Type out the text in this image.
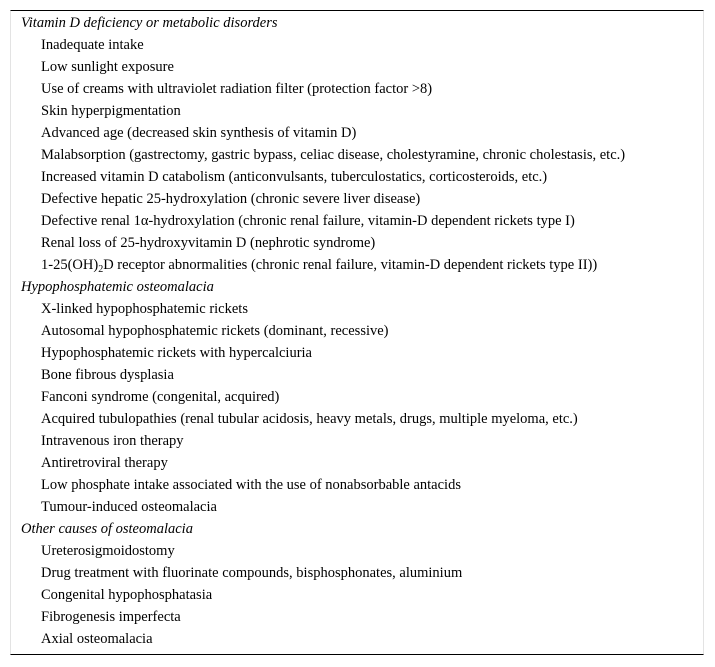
Vitamin D deficiency or metabolic disorders
Inadequate intake
Low sunlight exposure
Use of creams with ultraviolet radiation filter (protection factor >8)
Skin hyperpigmentation
Advanced age (decreased skin synthesis of vitamin D)
Malabsorption (gastrectomy, gastric bypass, celiac disease, cholestyramine, chronic cholestasis, etc.)
Increased vitamin D catabolism (anticonvulsants, tuberculostatics, corticosteroids, etc.)
Defective hepatic 25-hydroxylation (chronic severe liver disease)
Defective renal 1α-hydroxylation (chronic renal failure, vitamin-D dependent rickets type I)
Renal loss of 25-hydroxyvitamin D (nephrotic syndrome)
$1-25(OH)_2D$ receptor abnormalities (chronic renal failure, vitamin-D dependent rickets type II))
Hypophosphatemic osteomalacia
X-linked hypophosphatemic rickets
Autosomal hypophosphatemic rickets (dominant, recessive)
Hypophosphatemic rickets with hypercalciuria
Bone fibrous dysplasia
Fanconi syndrome (congenital, acquired)
Acquired tubulopathies (renal tubular acidosis, heavy metals, drugs, multiple myeloma, etc.)
Intravenous iron therapy
Antiretroviral therapy
Low phosphate intake associated with the use of nonabsorbable antacids
Tumour-induced osteomalacia
Other causes of osteomalacia
Ureterosigmoidostomy
Drug treatment with fluorinate compounds, bisphosphonates, aluminium
Congenital hypophosphatasia
Fibrogenesis imperfecta
Axial osteomalacia
